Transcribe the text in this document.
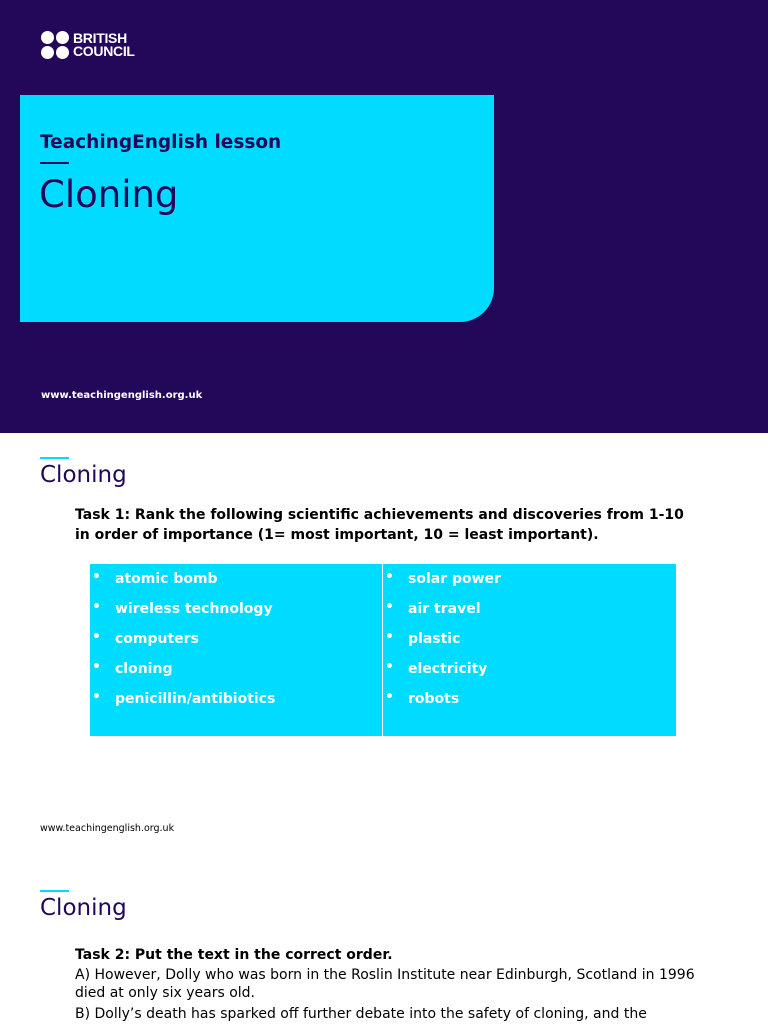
BRITISH
COUNCIL
TeachingEnglish lesson
Cloning
www.teachingenglish.org.uk
Cloning
Task 1: Rank the following scientific achievements and discoveries from 1-10 in order of importance (1= most important, 10 = least important).
• atomic bomb
• wireless technology
• computers
• cloning
• penicillin/antibiotics
• solar power
• air travel
• plastic
• electricity
• robots
www.teachingenglish.org.uk
Cloning
Task 2: Put the text in the correct order.
A) However, Dolly who was born in the Roslin Institute near Edinburgh, Scotland in 1996 died at only six years old.
B) Dolly’s death has sparked off further debate into the safety of cloning, and the
